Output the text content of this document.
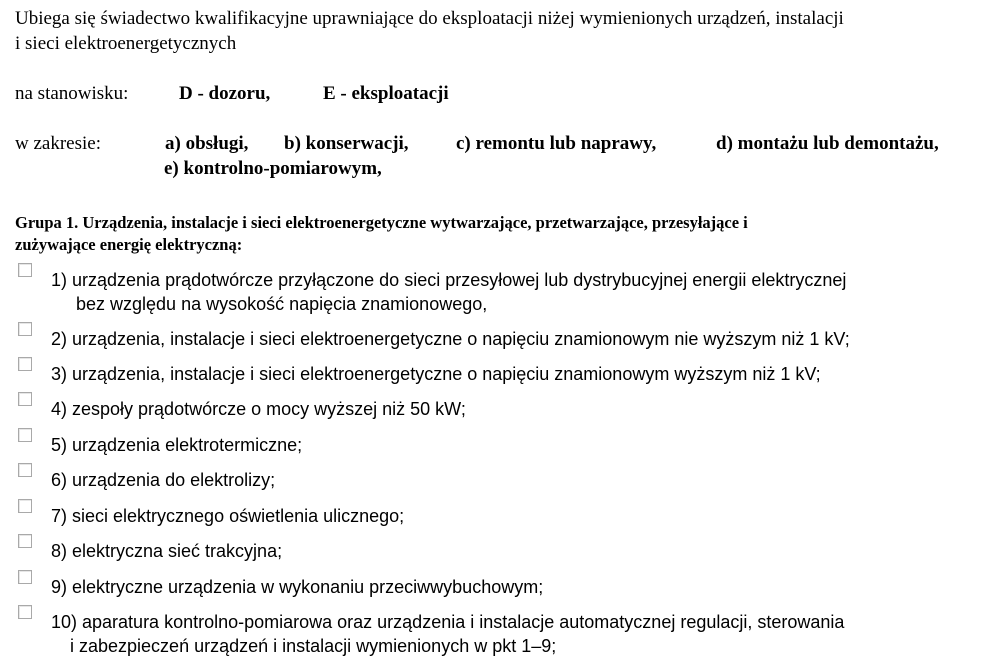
Ubiega się świadectwo kwalifikacyjne uprawniające do eksploatacji niżej wymienionych urządzeń, instalacji
i sieci elektroenergetycznych
na stanowisku:	D - dozoru,	E - eksploatacji
w zakresie:	a) obsługi, b) konserwacji, c) remontu lub naprawy,	d) montażu lub demontażu,
e) kontrolno-pomiarowym,
Grupa 1. Urządzenia, instalacje i sieci elektroenergetyczne wytwarzające, przetwarzające, przesyłające i
zużywające energię elektryczną:
1) urządzenia prądotwórcze przyłączone do sieci przesyłowej lub dystrybucyjnej energii elektrycznej
bez względu na wysokość napięcia znamionowego,
2) urządzenia, instalacje i sieci elektroenergetyczne o napięciu znamionowym nie wyższym niż 1 kV;
3) urządzenia, instalacje i sieci elektroenergetyczne o napięciu znamionowym wyższym niż 1 kV;
4) zespoły prądotwórcze o mocy wyższej niż 50 kW;
5) urządzenia elektrotermiczne;
6) urządzenia do elektrolizy;
7) sieci elektrycznego oświetlenia ulicznego;
8) elektryczna sieć trakcyjna;
9) elektryczne urządzenia w wykonaniu przeciwwybuchowym;
10) aparatura kontrolno-pomiarowa oraz urządzenia i instalacje automatycznej regulacji, sterowania
i zabezpieczeń urządzeń i instalacji wymienionych w pkt 1–9;
